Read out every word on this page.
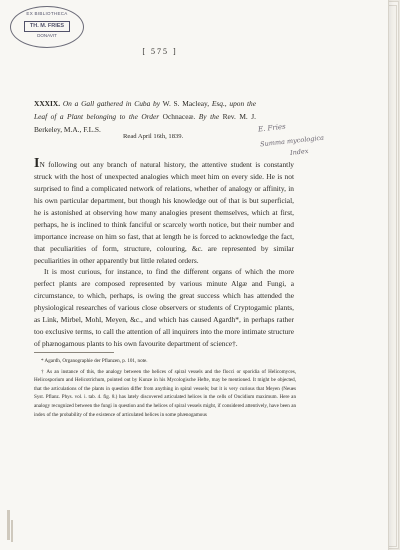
EX BIBLIOTHECA
TH. M. FRIES
DONAVIT
[ 575 ]
XXXIX. On a Gall gathered in Cuba by W. S. Macleay, Esq., upon the Leaf of a Plant belonging to the Order Ochnaceæ. By the Rev. M. J. Berkeley, M.A., F.L.S.
Read April 16th, 1839.
E. Fries
Summa mycologica
Index

IN following out any branch of natural history, the attentive student is constantly struck with the host of unexpected analogies which meet him on every side. He is not surprised to find a complicated network of relations, whether of analogy or affinity, in his own particular department, but though his knowledge out of that is but superficial, he is astonished at observing how many analogies present themselves, which at first, perhaps, he is inclined to think fanciful or scarcely worth notice, but their number and importance increase on him so fast, that at length he is forced to acknowledge the fact, that peculiarities of form, structure, colouring, &c. are represented by similar peculiarities in other apparently but little related orders.

It is most curious, for instance, to find the different organs of which the more perfect plants are composed represented by various minute Algæ and Fungi, a circumstance, to which, perhaps, is owing the great success which has attended the physiological researches of various close observers or students of Cryptogamic plants, as Link, Mirbel, Mohl, Meyen, &c., and which has caused Agardh*, in perhaps rather too exclusive terms, to call the attention of all inquirers into the more intimate structure of phænogamous plants to his own favourite department of science†.

* Agardh, Organographie der Pflanzen, p. 101, note.

† As an instance of this, the analogy between the helices of spiral vessels and the flocci or sporidia of Helicomyces, Helicosporium and Helicotrichum, pointed out by Kunze in his Mycologische Hefte, may be mentioned. It might be objected, that the articulations of the plants in question differ from anything in spiral vessels; but it is very curious that Meyen (Neues Syst. Pflanz. Phys. vol. i. tab. 4. fig. 8.) has lately discovered articulated helices in the cells of Oncidium maximum. Here an analogy recognized between the fungi in question and the helices of spiral vessels might, if considered attentively, have been an index of the probability of the existence of articulated helices in some phænogamous
